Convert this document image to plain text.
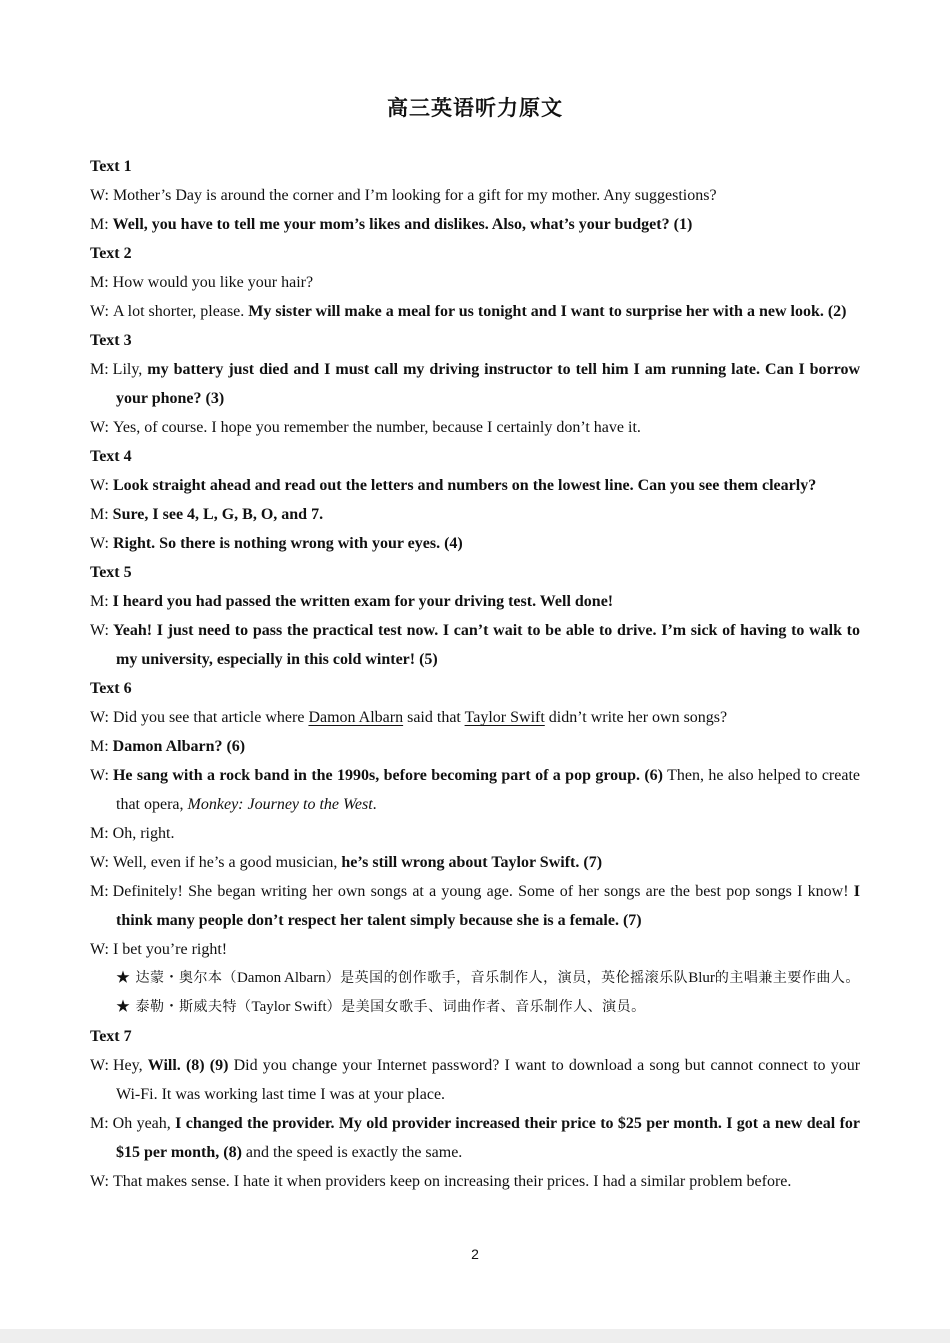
高三英语听力原文

Text 1

W: Mother’s Day is around the corner and I’m looking for a gift for my mother. Any suggestions?

M: Well, you have to tell me your mom’s likes and dislikes. Also, what’s your budget? (1)

Text 2

M: How would you like your hair?

W: A lot shorter, please. My sister will make a meal for us tonight and I want to surprise her with a new look. (2)

Text 3

M: Lily, my battery just died and I must call my driving instructor to tell him I am running late. Can I borrow your phone? (3)

W: Yes, of course. I hope you remember the number, because I certainly don’t have it.

Text 4

W: Look straight ahead and read out the letters and numbers on the lowest line. Can you see them clearly?

M: Sure, I see 4, L, G, B, O, and 7.

W: Right. So there is nothing wrong with your eyes. (4)

Text 5

M: I heard you had passed the written exam for your driving test. Well done!

W: Yeah! I just need to pass the practical test now. I can’t wait to be able to drive. I’m sick of having to walk to my university, especially in this cold winter! (5)

Text 6

W: Did you see that article where Damon Albarn said that Taylor Swift didn’t write her own songs?

M: Damon Albarn? (6)

W: He sang with a rock band in the 1990s, before becoming part of a pop group. (6) Then, he also helped to create that opera, Monkey: Journey to the West.

M: Oh, right.

W: Well, even if he’s a good musician, he’s still wrong about Taylor Swift. (7)

M: Definitely! She began writing her own songs at a young age. Some of her songs are the best pop songs I know! I think many people don’t respect her talent simply because she is a female. (7)

W: I bet you’re right!

★ 达蒙・奥尔本（Damon Albarn）是英国的创作歌手，音乐制作人，演员，英伦摇滚乐队Blur的主唱兼主要作曲人。

★ 泰勒・斯威夫特（Taylor Swift）是美国女歌手、词曲作者、音乐制作人、演员。

Text 7

W: Hey, Will. (8) (9) Did you change your Internet password? I want to download a song but cannot connect to your Wi-Fi. It was working last time I was at your place.

M: Oh yeah, I changed the provider. My old provider increased their price to $25 per month. I got a new deal for $15 per month, (8) and the speed is exactly the same.

W: That makes sense. I hate it when providers keep on increasing their prices. I had a similar problem before.

2
